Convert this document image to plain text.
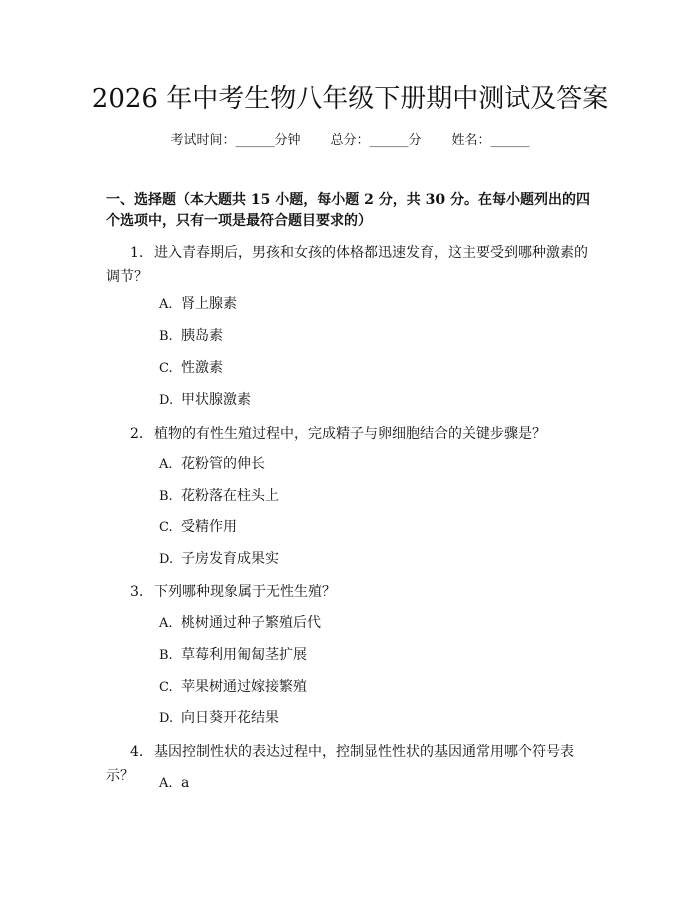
2026 年中考生物八年级下册期中测试及答案
考试时间：______分钟 总分：______分 姓名：______
一、选择题（本大题共 15 小题，每小题 2 分，共 30 分。在每小题列出的四个选项中，只有一项是最符合题目要求的）
1. 进入青春期后，男孩和女孩的体格都迅速发育，这主要受到哪种激素的调节？
A. 肾上腺素
B. 胰岛素
C. 性激素
D. 甲状腺激素
2. 植物的有性生殖过程中，完成精子与卵细胞结合的关键步骤是？
A. 花粉管的伸长
B. 花粉落在柱头上
C. 受精作用
D. 子房发育成果实
3. 下列哪种现象属于无性生殖？
A. 桃树通过种子繁殖后代
B. 草莓利用匍匐茎扩展
C. 苹果树通过嫁接繁殖
D. 向日葵开花结果
4. 基因控制性状的表达过程中，控制显性性状的基因通常用哪个符号表示？	A. a
